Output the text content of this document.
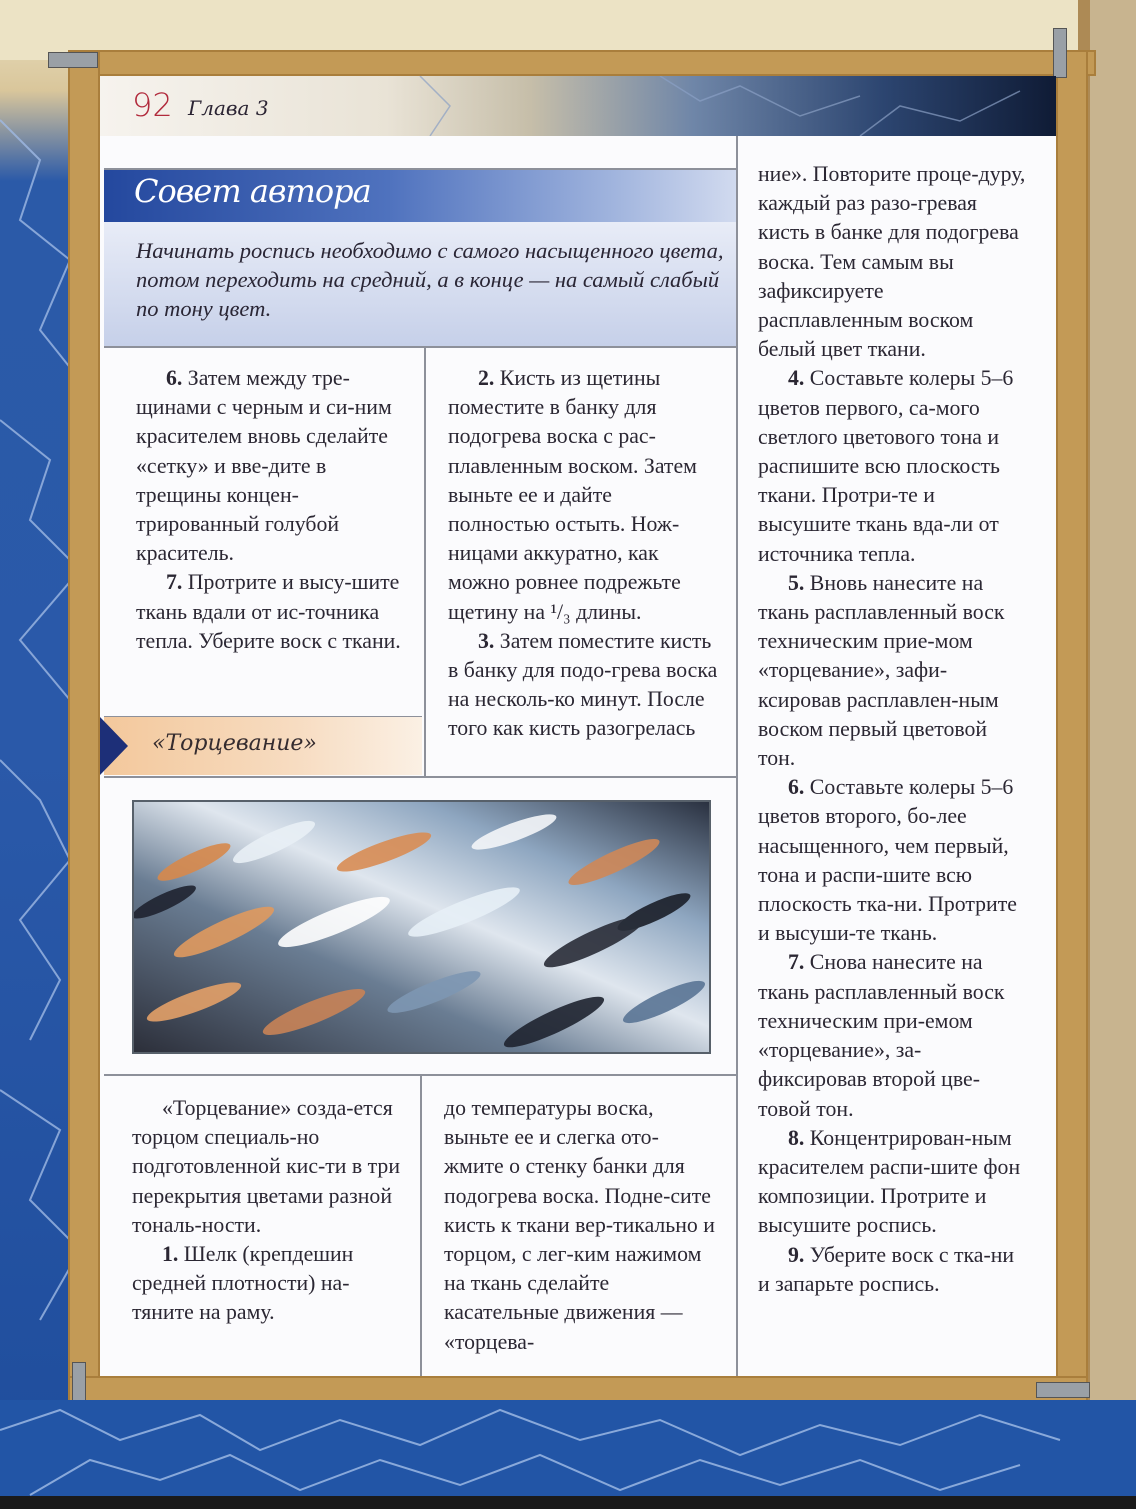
92 Глава 3
Совет автора
Начинать роспись необходимо с самого насыщенного цвета, потом переходить на средний, а в конце — на самый слабый по тону цвет.

6. Затем между тре-щинами с черным и си-ним красителем вновь сделайте «сетку» и вве-дите в трещины концен-трированный голубой краситель.

7. Протрите и высу-шите ткань вдали от ис-точника тепла. Уберите воск с ткани.

2. Кисть из щетины поместите в банку для подогрева воска с рас-плавленным воском. Затем выньте ее и дайте полностью остыть. Нож-ницами аккуратно, как можно ровнее подрежьте щетину на ¹/₃ длины.

3. Затем поместите кисть в банку для подо-грева воска на несколь-ко минут. После того как кисть разогрелась

ние». Повторите проце-дуру, каждый раз разо-гревая кисть в банке для подогрева воска. Тем самым вы зафиксируете расплавленным воском белый цвет ткани.

4. Составьте колеры 5–6 цветов первого, са-мого светлого цветового тона и распишите всю плоскость ткани. Протри-те и высушите ткань вда-ли от источника тепла.

5. Вновь нанесите на ткань расплавленный воск техническим прие-мом «торцевание», зафи-ксировав расплавлен-ным воском первый цветовой тон.

6. Составьте колеры 5–6 цветов второго, бо-лее насыщенного, чем первый, тона и распи-шите всю плоскость тка-ни. Протрите и высуши-те ткань.

7. Снова нанесите на ткань расплавленный воск техническим при-емом «торцевание», за-фиксировав второй цве-товой тон.

8. Концентрирован-ным красителем распи-шите фон композиции. Протрите и высушите роспись.

9. Уберите воск с тка-ни и запарьте роспись.

«Торцевание»

«Торцевание» созда-ется торцом специаль-но подготовленной кис-ти в три перекрытия цветами разной тональ-ности.

1. Шелк (крепдешин средней плотности) на-тяните на раму.

до температуры воска, выньте ее и слегка ото-жмите о стенку банки для подогрева воска. Подне-сите кисть к ткани вер-тикально и торцом, с лег-ким нажимом на ткань сделайте касательные движения — «торцева-
